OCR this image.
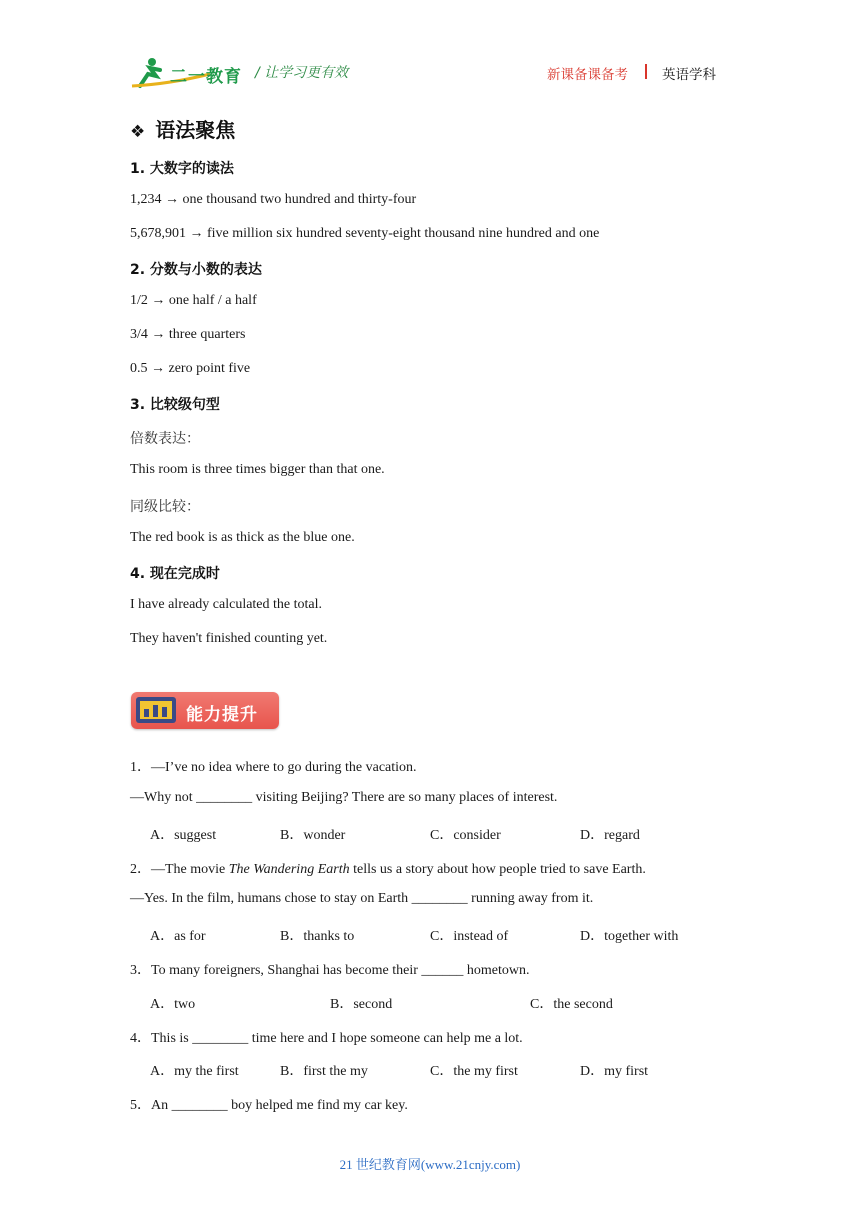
二一教育 / 让学习更有效	新课备课备考	英语学科
❖ 语法聚焦
1. 大数字的读法
1,234 → one thousand two hundred and thirty-four
5,678,901 → five million six hundred seventy-eight thousand nine hundred and one
2. 分数与小数的表达
1/2 → one half / a half
3/4 → three quarters
0.5 → zero point five
3. 比较级句型
倍数表达：
This room is three times bigger than that one.
同级比较：
The red book is as thick as the blue one.
4. 现在完成时
I have already calculated the total.
They haven't finished counting yet.
能力提升
1．—I’ve no idea where to go during the vacation.
—Why not ________ visiting Beijing? There are so many places of interest.
A．suggest	B．wonder	C．consider	D．regard
2．—The movie The Wandering Earth tells us a story about how people tried to save Earth.
—Yes. In the film, humans chose to stay on Earth ________ running away from it.
A．as for	B．thanks to	C．instead of	D．together with
3．To many foreigners, Shanghai has become their ______ hometown.
A．two	B．second	C．the second
4．This is ________ time here and I hope someone can help me a lot.
A．my the first	B．first the my	C．the my first	D．my first
5．An ________ boy helped me find my car key.
21 世纪教育网(www.21cnjy.com)
